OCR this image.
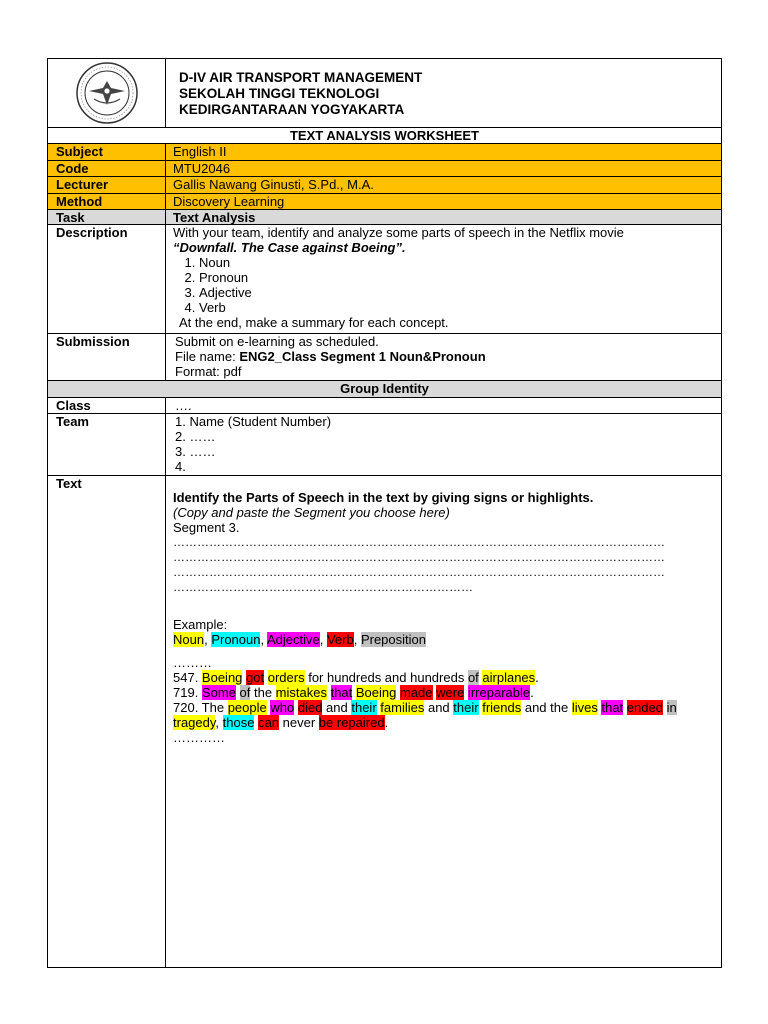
D-IV AIR TRANSPORT MANAGEMENT
SEKOLAH TINGGI TEKNOLOGI
KEDIRGANTARAAN YOGYAKARTA
TEXT ANALYSIS WORKSHEET
Subject	English II
Code	MTU2046
Lecturer	Gallis Nawang Ginusti, S.Pd., M.A.
Method	Discovery Learning
Task	Text Analysis
Description	With your team, identify and analyze some parts of speech in the Netflix movie
“Downfall. The Case against Boeing”.
1. Noun
2. Pronoun
3. Adjective
4. Verb
At the end, make a summary for each concept.
Submission	Submit on e-learning as scheduled.
File name: ENG2_Class Segment 1 Noun&Pronoun
Format: pdf
Group Identity
Class	….
Team	1. Name (Student Number)
2. ……
3. ……
4.
Text
Identify the Parts of Speech in the text by giving signs or highlights.
(Copy and paste the Segment you choose here)
Segment 3.
……………………………………………………………………………………………………………
……………………………………………………………………………………………………………
……………………………………………………………………………………………………………
…………………………………………………………………
Example:
Noun, Pronoun, Adjective, Verb, Preposition
………
547. Boeing got orders for hundreds and hundreds of airplanes.
719. Some of the mistakes that Boeing made were irreparable.
720. The people who died and their families and their friends and the lives that ended in tragedy, those can never be repaired.
…………
